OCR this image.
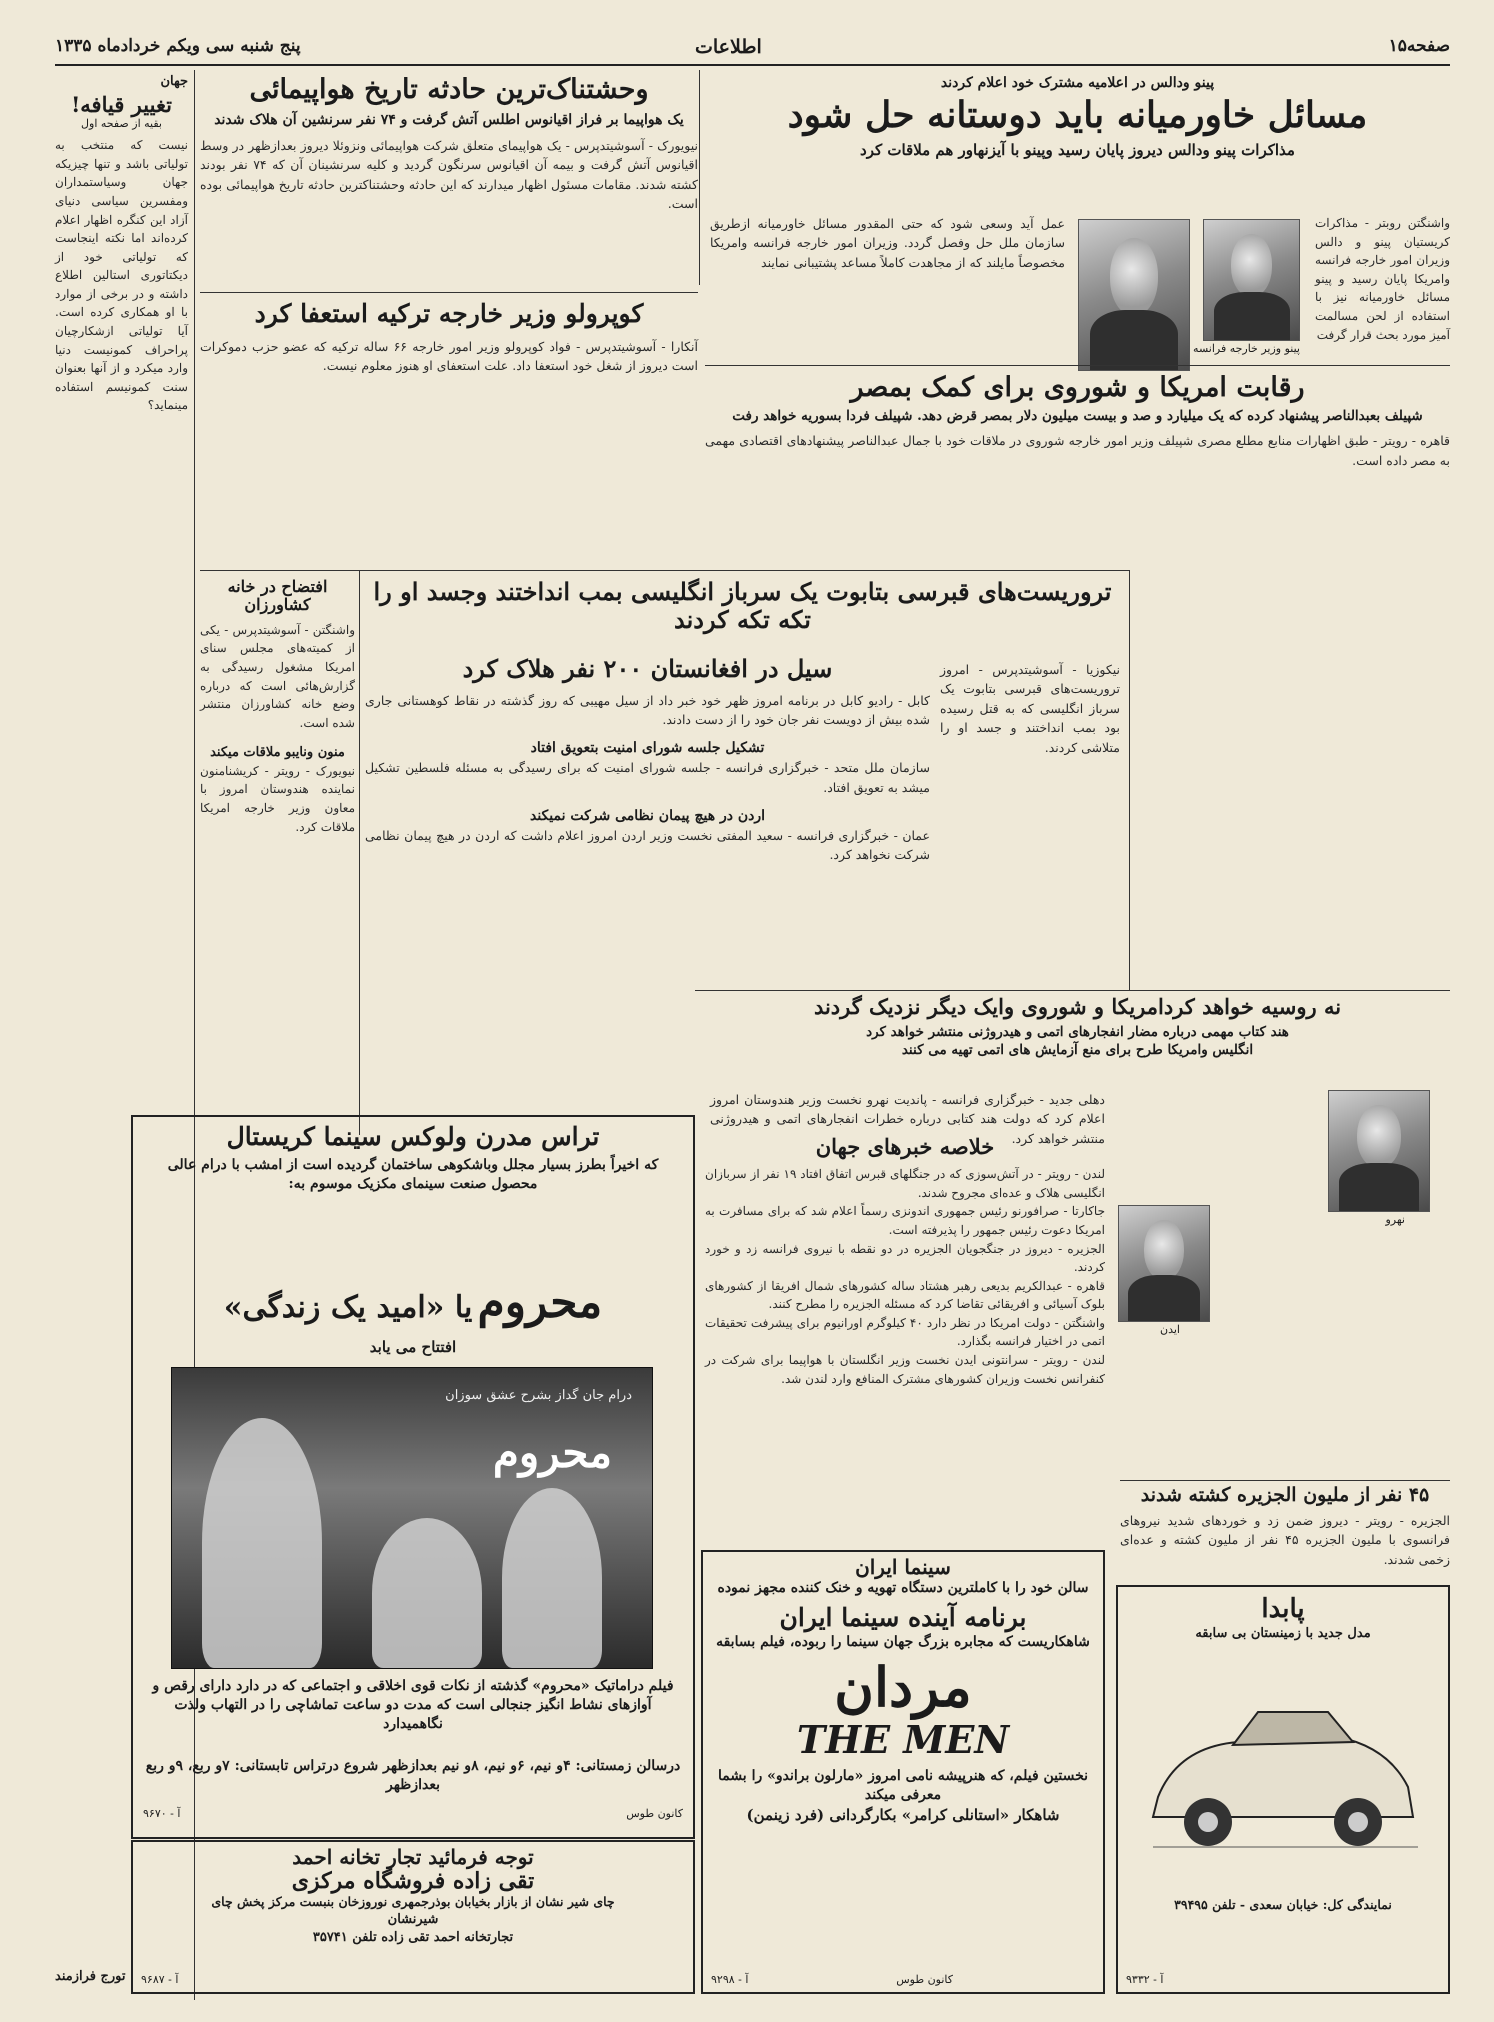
صفحه۱۵
اطلاعات
پنج شنبه سی ویکم خردادماه ۱۳۳۵
پینو ودالس در اعلامیه مشترک خود اعلام کردند
مسائل خاورمیانه باید دوستانه حل شود
مذاکرات پینو ودالس دیروز پایان رسید وپینو با آیزنهاور هم ملاقات کرد
واشنگتن روبتر - مذاکرات کریستیان پینو و دالس وزیران امور خارجه فرانسه وامریکا پایان رسید و پینو مسائل خاورمیانه نیز با استفاده از لحن مسالمت آمیز مورد بحث قرار گرفت
عمل آید وسعی شود که حتی المقدور مسائل خاورمیانه ازطریق سازمان ملل حل وفصل گردد. وزیران امور خارجه فرانسه وامریکا مخصوصاً مایلند که از مجاهدت کاملاً مساعد پشتیبانی نمایند
پینو وزیر خارجه فرانسه
وحشتناک‌ترین حادثه تاریخ هواپیمائی
یک هواپیما بر فراز اقیانوس اطلس آتش گرفت و ۷۴ نفر سرنشین آن هلاک شدند
نیویورک - آسوشیتدپرس - یک هواپیمای متعلق شرکت هواپیمائی ونزوئلا دیروز بعدازظهر در وسط اقیانوس آتش گرفت و بیمه آن اقیانوس سرنگون گردید و کلیه سرنشینان آن که ۷۴ نفر بودند کشته شدند. مقامات مسئول اظهار میدارند که این حادثه وحشتناکترین حادثه تاریخ هواپیمائی بوده است.
کوپرولو وزیر خارجه ترکیه استعفا کرد
آنکارا - آسوشیتدپرس - فواد کوپرولو وزیر امور خارجه ۶۶ ساله ترکیه که عضو حزب دموکرات است دیروز از شغل خود استعفا داد. علت استعفای او هنوز معلوم نیست.
رقابت امریکا و شوروی برای کمک بمصر
شپیلف بعبدالناصر پیشنهاد کرده که یک میلیارد و صد و بیست میلیون دلار بمصر قرض دهد. شپیلف فردا بسوریه خواهد رفت
قاهره - رویتر - طبق اظهارات منابع مطلع مصری شپیلف وزیر امور خارجه شوروی در ملاقات خود با جمال عبدالناصر پیشنهادهای اقتصادی مهمی به مصر داده است.
تروریست‌های قبرسی بتابوت یک سرباز انگلیسی بمب انداختند وجسد او را تکه تکه کردند
نیکوزیا - آسوشیتدپرس - امروز تروریست‌های قبرسی بتابوت یک سرباز انگلیسی که به قتل رسیده بود بمب انداختند و جسد او را متلاشی کردند.
سیل در افغانستان ۲۰۰ نفر هلاک کرد
کابل - رادیو کابل در برنامه امروز ظهر خود خبر داد از سیل مهیبی که روز گذشته در نقاط کوهستانی جاری شده بیش از دویست نفر جان خود را از دست دادند.
تشکیل جلسه شورای امنیت بتعویق افتاد
سازمان ملل متحد - خبرگزاری فرانسه - جلسه شورای امنیت که برای رسیدگی به مسئله فلسطین تشکیل میشد به تعویق افتاد.
اردن در هیچ پیمان نظامی شرکت نمیکند
عمان - خبرگزاری فرانسه - سعید المفتی نخست وزیر اردن امروز اعلام داشت که اردن در هیچ پیمان نظامی شرکت نخواهد کرد.
افتضاح در خانه کشاورزان
واشنگتن - آسوشیتدپرس - یکی از کمیته‌های مجلس سنای امریکا مشغول رسیدگی به گزارش‌هائی است که درباره وضع خانه کشاورزان منتشر شده است.
منون ونایبو ملاقات میکند
نیویورک - رویتر - کریشنامنون نماینده هندوستان امروز با معاون وزیر خارجه امریکا ملاقات کرد.
نه روسیه خواهد کردامریکا و شوروی وایک دیگر نزدیک گردند
هند کتاب مهمی درباره مضار انفجارهای اتمی و هیدروژنی منتشر خواهد کرد
انگلیس وامریکا طرح برای منع آزمایش های اتمی تهیه می کنند
نهرو
ایدن
دهلی جدید - خبرگزاری فرانسه - پاندیت نهرو نخست وزیر هندوستان امروز اعلام کرد که دولت هند کتابی درباره خطرات انفجارهای اتمی و هیدروژنی منتشر خواهد کرد.
۴۵ نفر از ملیون الجزیره کشته شدند
الجزیره - رویتر - دیروز ضمن زد و خوردهای شدید نیروهای فرانسوی با ملیون الجزیره ۴۵ نفر از ملیون کشته و عده‌ای زخمی شدند.
جهان
تغییر قیافه!
بقیه از صفحه اول
نیست که منتخب به تولیاتی باشد و تنها چیزیکه جهان وسیاستمداران ومفسرین سیاسی دنیای آزاد این کنگره اظهار اعلام کرده‌اند اما نکته اینجاست که تولیاتی خود از دیکتاتوری استالین اطلاع داشته و در برخی از موارد با او همکاری کرده است. آیا تولیاتی ازشکارچیان پراحراف کمونیست دنیا وارد میکرد و از آنها بعنوان سنت کمونیسم استفاده مینماید؟
تورج فرازمند
تراس مدرن ولوکس سینما کریستال
که اخیراً بطرز بسیار مجلل وباشکوهی ساختمان گردیده است از امشب با درام عالی محصول صنعت سینمای مکزیک موسوم به:
محروم یا «امید یک زندگی»
افتتاح می یابد
محروم
درام جان گداز بشرح عشق سوزان
فیلم دراماتیک «محروم» گذشته از نکات قوی اخلاقی و اجتماعی که در دارد دارای رقص و آوازهای نشاط انگیز جنجالی است که مدت دو ساعت تماشاچی را در التهاب ولذت نگاهمیدارد
درسالن زمستانی: ۴و نیم، ۶و نیم، ۸و نیم بعدازظهر شروع درتراس تابستانی: ۷و ربع، ۹و ربع بعدازظهر
آ - ۹۶۷۰	کانون طوس
توجه فرمائید تجار تخانه احمد
تقی زاده فروشگاه مرکزی
چای شیر نشان از بازار بخیابان بوذرجمهری نوروزخان بنبست مرکز پخش چای
شیرنشان
تجارتخانه احمد تقی زاده تلفن ۳۵۷۴۱
آ - ۹۶۸۷
خلاصه خبرهای جهان
لندن - رویتر - در آتش‌سوزی که در جنگلهای قبرس اتفاق افتاد ۱۹ نفر از سربازان انگلیسی هلاک و عده‌ای مجروح شدند.
جاکارتا - صرافورنو رئیس جمهوری اندونزی رسماً اعلام شد که برای مسافرت به امریکا دعوت رئیس جمهور را پذیرفته است.
الجزیره - دیروز در جنگجویان الجزیره در دو نقطه با نیروی فرانسه زد و خورد کردند.
قاهره - عبدالکریم بدیعی رهبر هشتاد ساله کشورهای شمال افریقا از کشورهای بلوک آسیائی و افریقائی تقاضا کرد که مسئله الجزیره را مطرح کنند.
واشنگتن - دولت امریکا در نظر دارد ۴۰ کیلوگرم اورانیوم برای پیشرفت تحقیقات اتمی در اختیار فرانسه بگذارد.
لندن - رویتر - سرانتونی ایدن نخست وزیر انگلستان با هواپیما برای شرکت در کنفرانس نخست وزیران کشورهای مشترک المنافع وارد لندن شد.
سینما ایران
سالن خود را با کاملترین دستگاه تهویه و خنک کننده مجهز نموده
برنامه آینده سینما ایران
شاهکاریست که مجابره بزرگ جهان سینما را ربوده، فیلم بسابقه
مردان
THE MEN
نخستین فیلم، که هنرپیشه نامی امروز «مارلون براندو» را بشما معرفی میکند
شاهکار «استانلی کرامر» بکارگردانی (فرد زینمن)
آ - ۹۲۹۸	کانون طوس
پابدا
مدل جدید با زمینستان بی سابقه
نمایندگی کل: خیابان سعدی - تلفن ۳۹۴۹۵
آ - ۹۳۳۲
